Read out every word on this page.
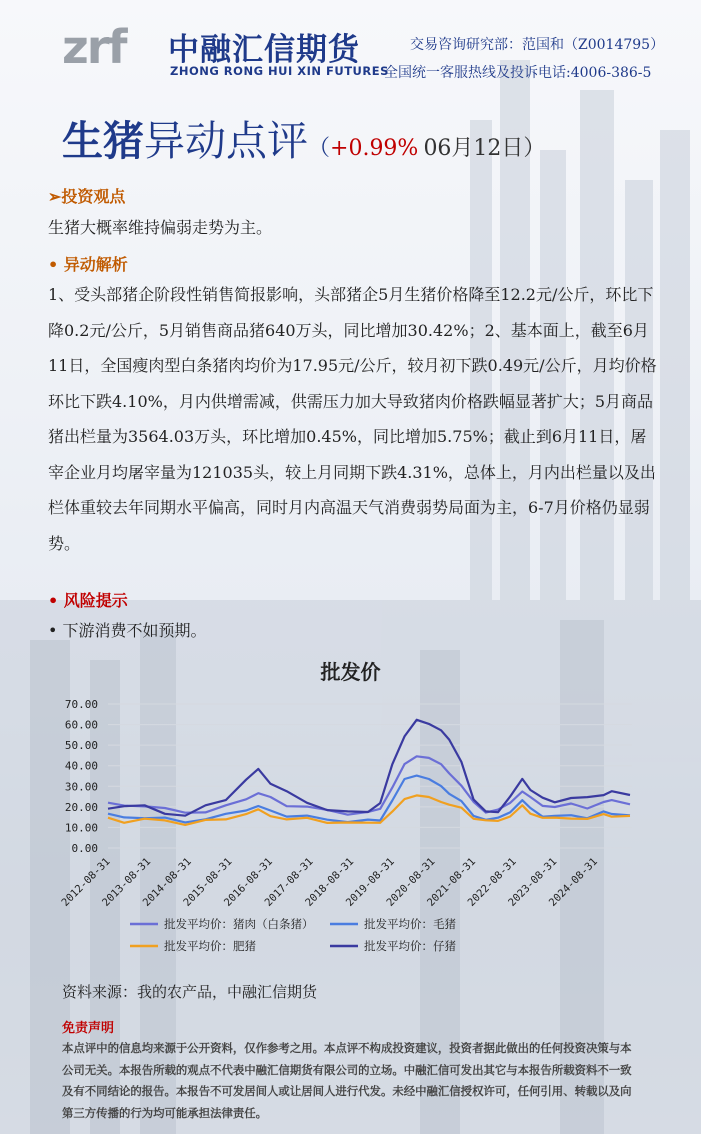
zrf 中融汇信期货
ZHONG RONG HUI XIN FUTURES
交易咨询研究部：范国和（Z0014795）
全国统一客服热线及投诉电话:4006-386-5
生猪异动点评（+0.99% 06月12日）
➢投资观点
生猪大概率维持偏弱走势为主。
• 异动解析
1、受头部猪企阶段性销售简报影响，头部猪企5月生猪价格降至12.2元/公斤，环比下降0.2元/公斤，5月销售商品猪640万头，同比增加30.42%；2、基本面上，截至6月11日，全国瘦肉型白条猪肉均价为17.95元/公斤，较月初下跌0.49元/公斤，月均价格环比下跌4.10%，月内供增需减，供需压力加大导致猪肉价格跌幅显著扩大；5月商品猪出栏量为3564.03万头，环比增加0.45%，同比增加5.75%；截止到6月11日，屠宰企业月均屠宰量为121035头，较上月同期下跌4.31%，总体上，月内出栏量以及出栏体重较去年同期水平偏高，同时月内高温天气消费弱势局面为主，6-7月价格仍显弱势。
• 风险提示
• 下游消费不如预期。
批发价
0.00
10.00
20.00
30.00
40.00
50.00
60.00
70.00
2012-08-31
2013-08-31
2014-08-31
2015-08-31
2016-08-31
2017-08-31
2018-08-31
2019-08-31
2020-08-31
2021-08-31
2022-08-31
2023-08-31
2024-08-31
批发平均价：猪肉（白条猪）	批发平均价：毛猪
批发平均价：肥猪	批发平均价：仔猪
资料来源：我的农产品，中融汇信期货
免责声明
本点评中的信息均来源于公开资料，仅作参考之用。本点评不构成投资建议，投资者据此做出的任何投资决策与本公司无关。本报告所载的观点不代表中融汇信期货有限公司的立场。中融汇信可发出其它与本报告所载资料不一致及有不同结论的报告。本报告不可发居间人或让居间人进行代发。未经中融汇信授权许可，任何引用、转载以及向第三方传播的行为均可能承担法律责任。
